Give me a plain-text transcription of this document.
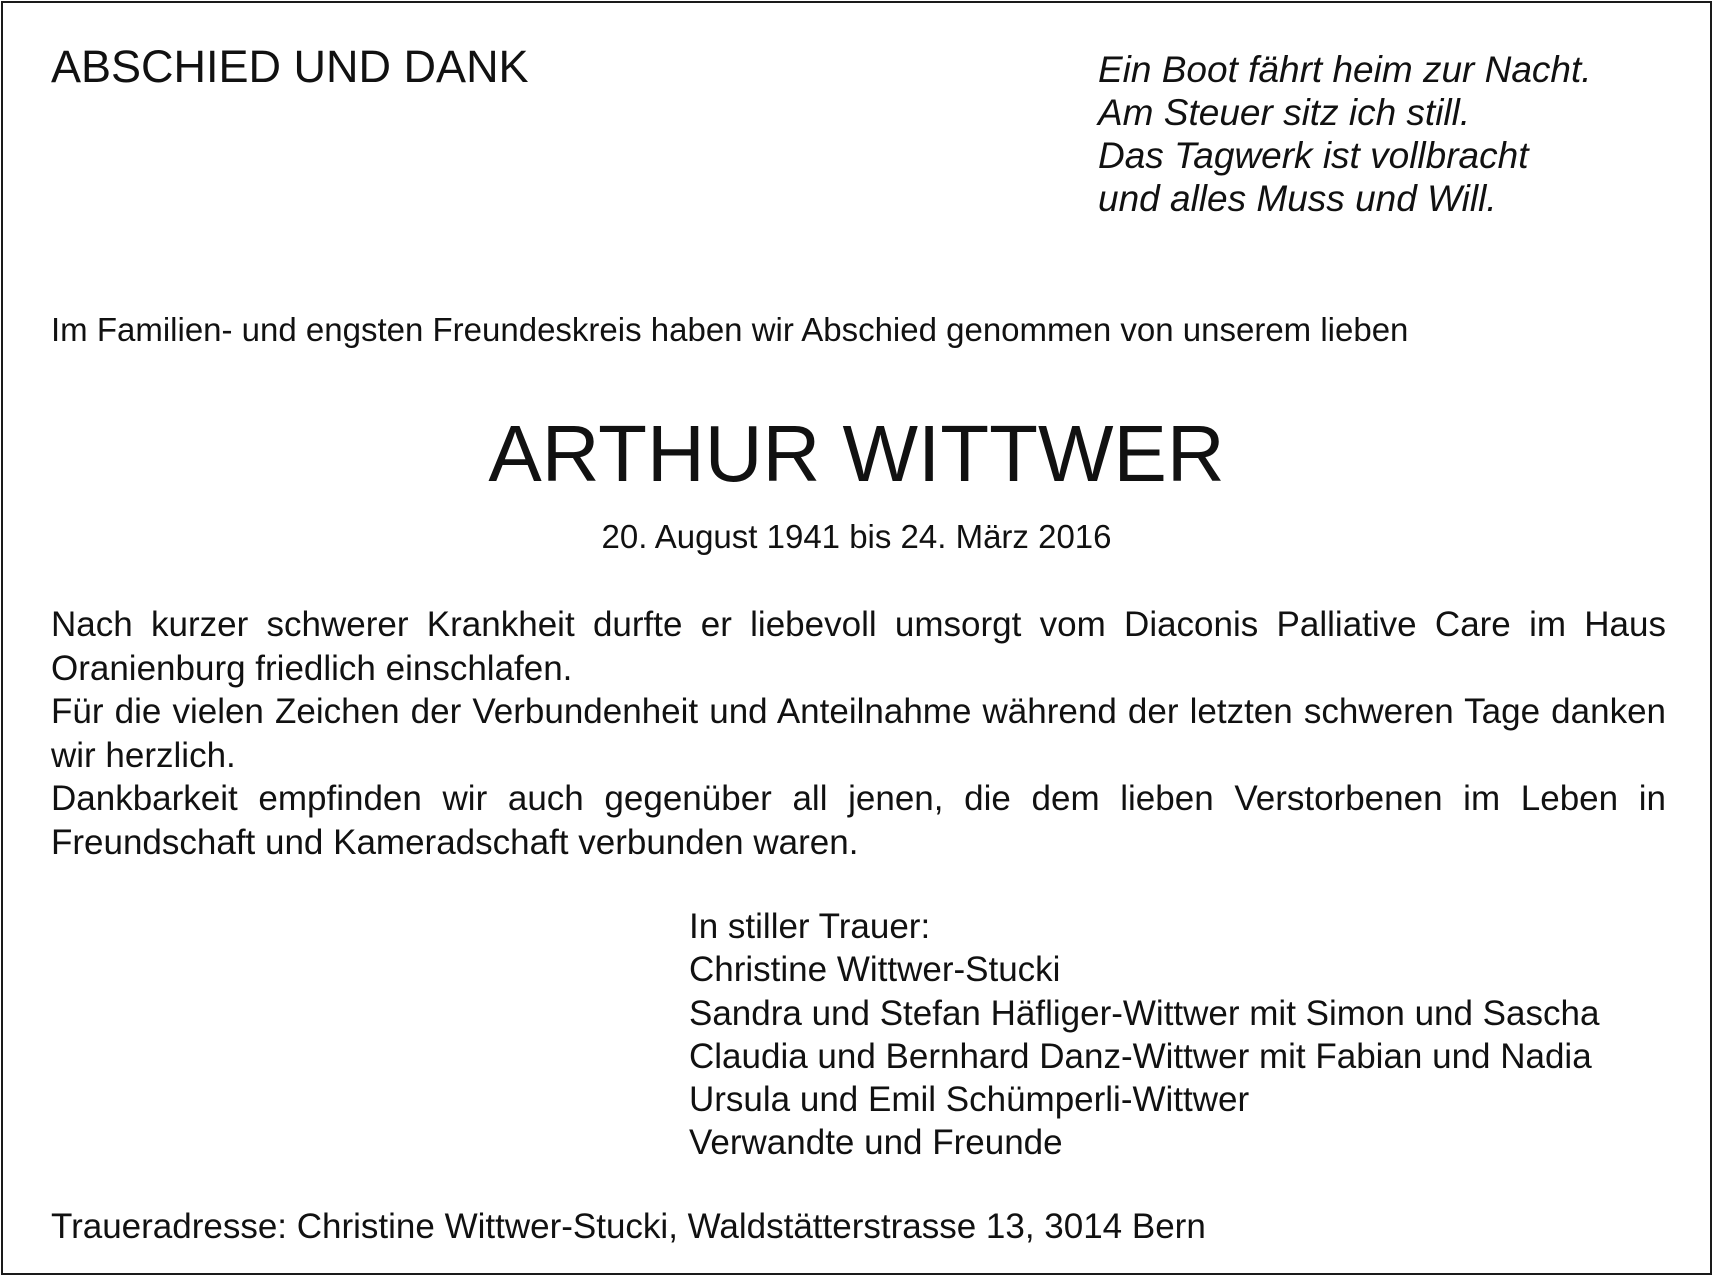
ABSCHIED UND DANK	Ein Boot fährt heim zur Nacht.
Am Steuer sitz ich still.
Das Tagwerk ist vollbracht
und alles Muss und Will.
Im Familien- und engsten Freundeskreis haben wir Abschied genommen von unserem lieben
ARTHUR WITTWER
20. August 1941 bis 24. März 2016

Nach kurzer schwerer Krankheit durfte er liebevoll umsorgt vom Diaconis Palliative Care im Haus Oranienburg friedlich einschlafen.

Für die vielen Zeichen der Verbundenheit und Anteilnahme während der letzten schweren Tage danken wir herzlich.

Dankbarkeit empfinden wir auch gegenüber all jenen, die dem lieben Verstorbenen im Leben in Freundschaft und Kameradschaft verbunden waren.

In stiller Trauer:
Christine Wittwer-Stucki
Sandra und Stefan Häfliger-Wittwer mit Simon und Sascha
Claudia und Bernhard Danz-Wittwer mit Fabian und Nadia
Ursula und Emil Schümperli-Wittwer
Verwandte und Freunde
Traueradresse: Christine Wittwer-Stucki, Waldstätterstrasse 13, 3014 Bern
